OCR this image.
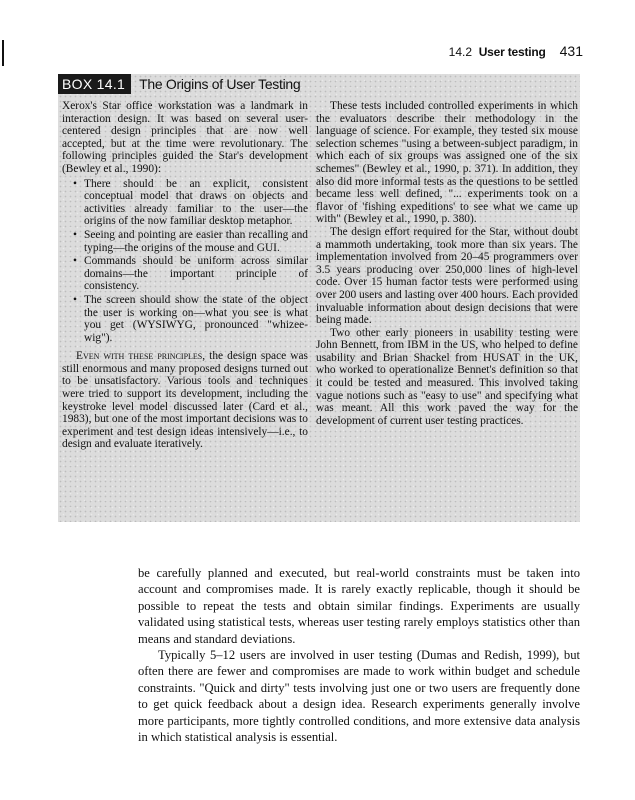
14.2 User testing 431
BOX 14.1	The Origins of User Testing

Xerox's Star office workstation was a landmark in interaction design. It was based on several user-centered design principles that are now well accepted, but at the time were revolutionary. The following principles guided the Star's development (Bewley et al., 1990):

• There should be an explicit, consistent conceptual model that draws on objects and activities already familiar to the user—the origins of the now familiar desktop metaphor.
• Seeing and pointing are easier than recalling and typing—the origins of the mouse and GUI.
• Commands should be uniform across similar domains—the important principle of consistency.
• The screen should show the state of the object the user is working on—what you see is what you get (WYSIWYG, pronounced "whizee-wig").

Even with these principles, the design space was still enormous and many proposed designs turned out to be unsatisfactory. Various tools and techniques were tried to support its development, including the keystroke level model discussed later (Card et al., 1983), but one of the most important decisions was to experiment and test design ideas intensively—i.e., to design and evaluate iteratively.

These tests included controlled experiments in which the evaluators describe their methodology in the language of science. For example, they tested six mouse selection schemes "using a between-subject paradigm, in which each of six groups was assigned one of the six schemes" (Bewley et al., 1990, p. 371). In addition, they also did more informal tests as the questions to be settled became less well defined, "... experiments took on a flavor of 'fishing expeditions' to see what we came up with" (Bewley et al., 1990, p. 380).

The design effort required for the Star, without doubt a mammoth undertaking, took more than six years. The implementation involved from 20–45 programmers over 3.5 years producing over 250,000 lines of high-level code. Over 15 human factor tests were performed using over 200 users and lasting over 400 hours. Each provided invaluable information about design decisions that were being made.

Two other early pioneers in usability testing were John Bennett, from IBM in the US, who helped to define usability and Brian Shackel from HUSAT in the UK, who worked to operationalize Bennet's definition so that it could be tested and measured. This involved taking vague notions such as "easy to use" and specifying what was meant. All this work paved the way for the development of current user testing practices.

be carefully planned and executed, but real-world constraints must be taken into account and compromises made. It is rarely exactly replicable, though it should be possible to repeat the tests and obtain similar findings. Experiments are usually validated using statistical tests, whereas user testing rarely employs statistics other than means and standard deviations.

Typically 5–12 users are involved in user testing (Dumas and Redish, 1999), but often there are fewer and compromises are made to work within budget and schedule constraints. "Quick and dirty" tests involving just one or two users are frequently done to get quick feedback about a design idea. Research experiments generally involve more participants, more tightly controlled conditions, and more extensive data analysis in which statistical analysis is essential.
